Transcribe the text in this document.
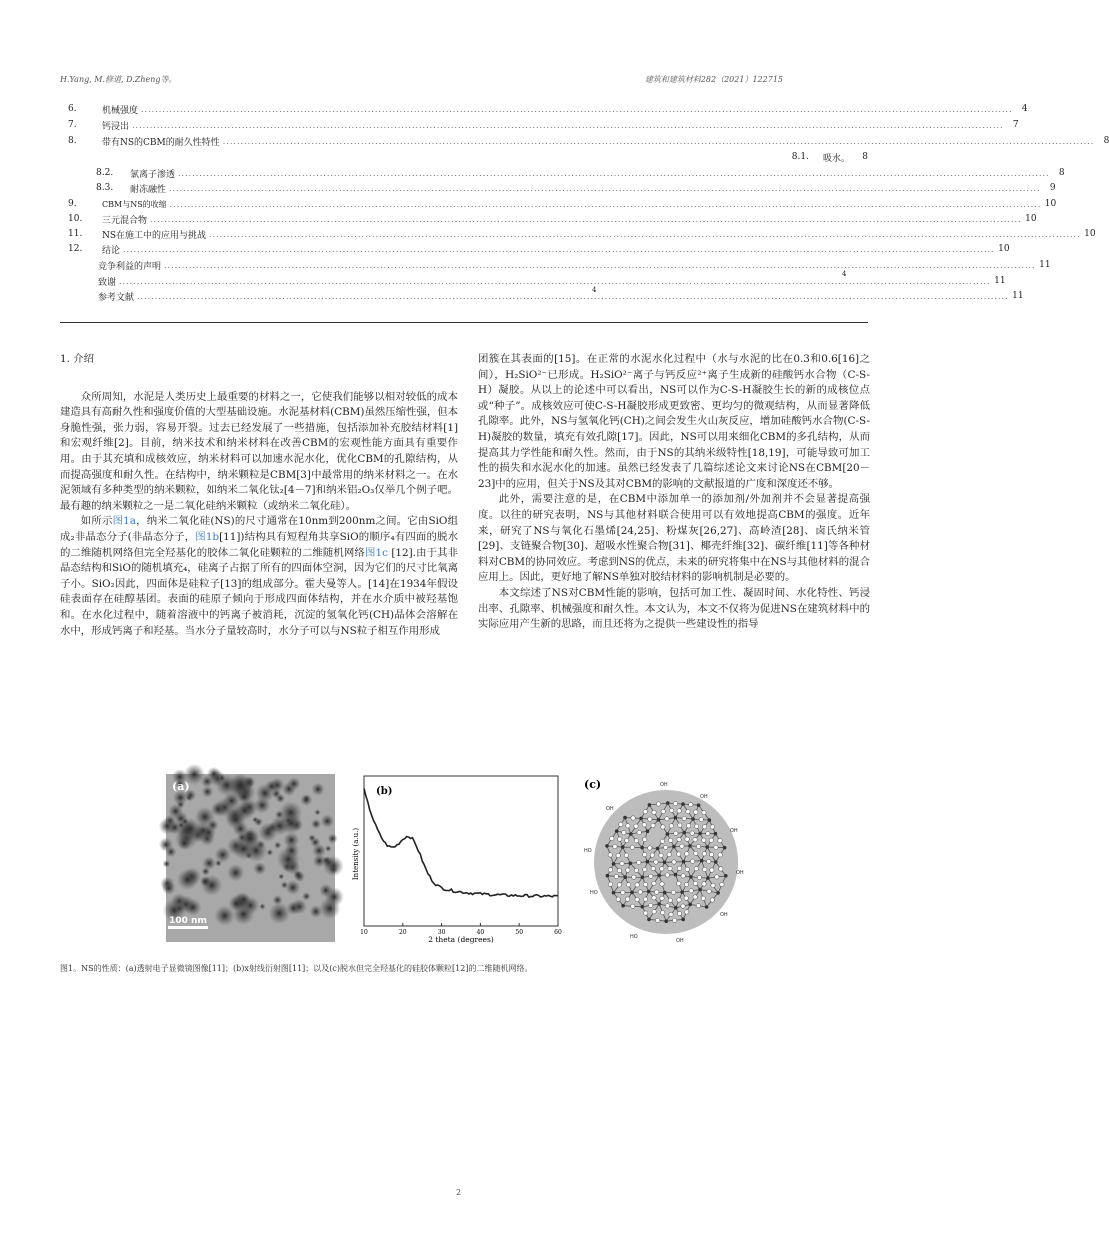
H.Yang, M.修道, D.Zheng等。	建筑和建筑材料282（2021）122715
6.	机械强度 .....	4
7.	钙浸出 .....	7
8.	带有NS的CBM的耐久性特性 .....	8
8.1. 吸水。	8
8.2.	氯离子渗透 .....	8
8.3.	耐冻融性 .....	9
9.	CBM与NS的收缩 .....	10
10.	三元混合物 .....	10
11.	NS在施工中的应用与挑战 .....	10
12.	结论 .....	10
竞争利益的声明 .....	11
致谢 .....	11
参考文献 .....	11
4
4

1. 介绍

众所周知，水泥是人类历史上最重要的材料之一，它使我们能够以相对较低的成本建造具有高耐久性和强度价值的大型基础设施。水泥基材料(CBM)虽然压缩性强，但本身脆性强，张力弱，容易开裂。过去已经发展了一些措施，包括添加补充胶结材料[1]和宏观纤维[2]。目前，纳米技术和纳米材料在改善CBM的宏观性能方面具有重要作用。由于其充填和成核效应，纳米材料可以加速水泥水化，优化CBM的孔隙结构，从而提高强度和耐久性。在结构中，纳米颗粒是CBM[3]中最常用的纳米材料之一。在水泥领域有多种类型的纳米颗粒，如纳米二氧化钛₂[4－7]和纳米铝₂O₃仅举几个例子吧。最有趣的纳米颗粒之一是二氧化硅纳米颗粒（或纳米二氧化硅）。

如所示图1a，纳米二氧化硅(NS)的尺寸通常在10nm到200nm之间。它由SiO组成₂非晶态分子(非晶态分子，图1b[11])结构具有短程角共享SiO的顺序₄有四面的脱水的二维随机网络但完全羟基化的胶体二氧化硅颗粒的二维随机网络图1c [12].由于其非晶态结构和SiO的随机填充₄，硅离子占据了所有的四面体空洞，因为它们的尺寸比氧离子小。SiO₂因此，四面体是硅粒子[13]的组成部分。霍夫曼等人。[14]在1934年假设硅表面存在硅醇基团。表面的硅原子倾向于形成四面体结构，并在水介质中被羟基饱和。在水化过程中，随着溶液中的钙离子被消耗，沉淀的氢氧化钙(CH)晶体会溶解在水中，形成钙离子和羟基。当水分子量较高时，水分子可以与NS粒子相互作用形成

团簇在其表面的[15]。在正常的水泥水化过程中（水与水泥的比在0.3和0.6[16]之间），H₂SiO²⁻已形成。H₂SiO²⁻离子与钙反应²⁺离子生成新的硅酸钙水合物（C-S-H）凝胶。从以上的论述中可以看出，NS可以作为C-S-H凝胶生长的新的成核位点或“种子”。成核效应可使C-S-H凝胶形成更致密、更均匀的微观结构，从而显著降低孔隙率。此外，NS与氢氧化钙(CH)之间会发生火山灰反应，增加硅酸钙水合物(C-S-H)凝胶的数量，填充有效孔隙[17]。因此，NS可以用来细化CBM的多孔结构，从而提高其力学性能和耐久性。然而，由于NS的其纳米级特性[18,19]，可能导致可加工性的损失和水泥水化的加速。虽然已经发表了几篇综述论文来讨论NS在CBM[20－23]中的应用，但关于NS及其对CBM的影响的文献报道的广度和深度还不够。

此外，需要注意的是，在CBM中添加单一的添加剂/外加剂并不会显著提高强度。以往的研究表明，NS与其他材料联合使用可以有效地提高CBM的强度。近年来，研究了NS与氧化石墨烯[24,25]、粉煤灰[26,27]、高岭渣[28]、卤氏纳米管[29]、支链聚合物[30]、超吸水性聚合物[31]、椰壳纤维[32]、碳纤维[11]等各种材料对CBM的协同效应。考虑到NS的优点，未来的研究将集中在NS与其他材料的混合应用上。因此，更好地了解NS单独对胶结材料的影响机制是必要的。

本文综述了NS对CBM性能的影响，包括可加工性、凝固时间、水化特性、钙浸出率、孔隙率、机械强度和耐久性。本文认为，本文不仅将为促进NS在建筑材料中的实际应用产生新的思路，而且还将为之提供一些建设性的指导

100 nm
(a)
10	20	30	40	50	60
(b)
Intensity (a.u.)
2 theta (degrees)
(c)	OH
OH
OH
OH
OH
OH
HO
HO
HO
OH
图1。NS的性质：(a)透射电子显微镜图像[11]；(b)x射线衍射图[11]；以及(c)脱水但完全羟基化的硅胶体颗粒[12]的二维随机网络。
2
